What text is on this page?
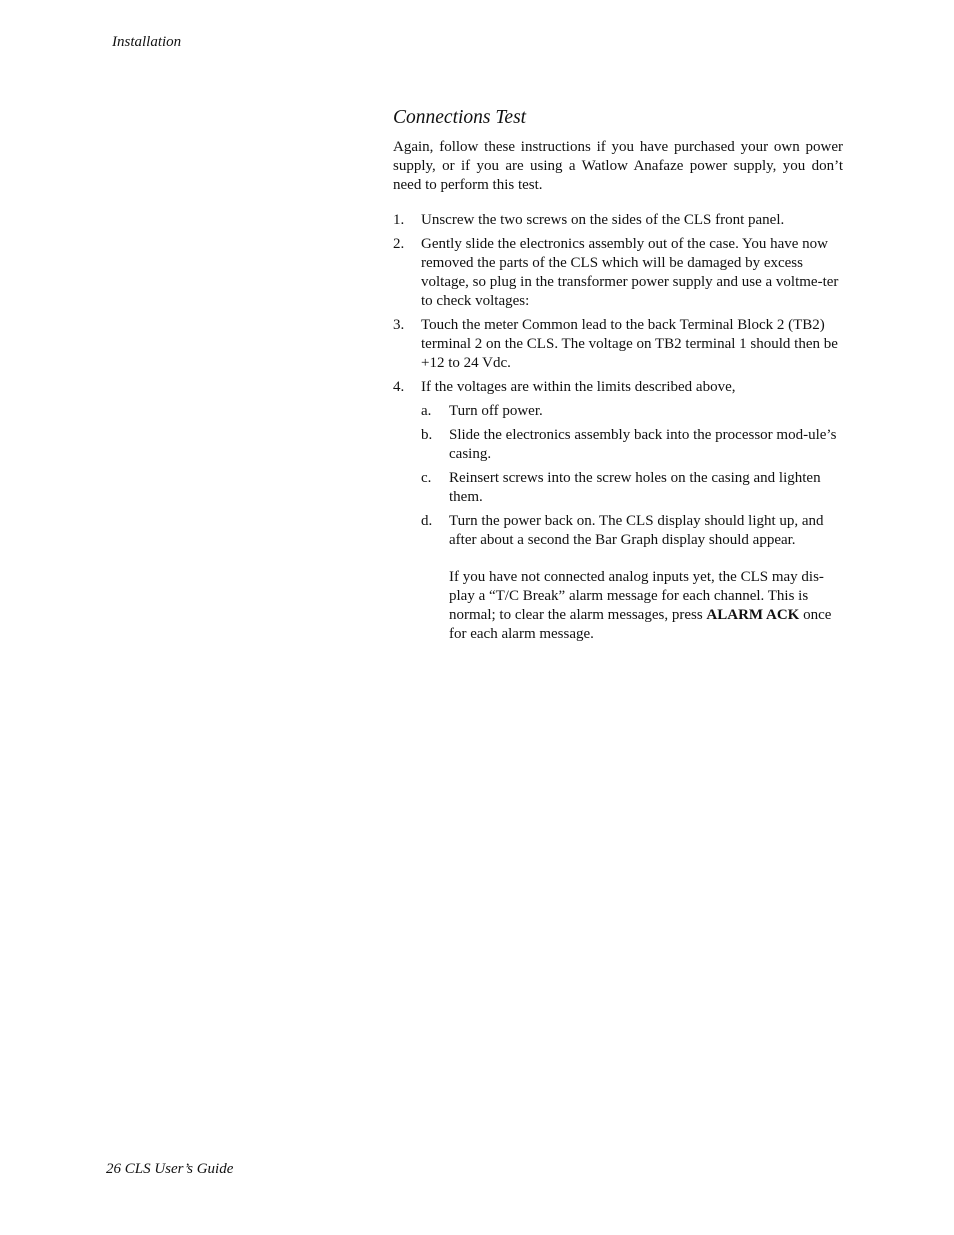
Installation
Connections Test

Again, follow these instructions if you have purchased your own power supply, or if you are using a Watlow Anafaze power supply, you don’t need to perform this test.

1.	Unscrew the two screws on the sides of the CLS front panel.
2.	Gently slide the electronics assembly out of the case. You have now removed the parts of the CLS which will be damaged by excess voltage, so plug in the transformer power supply and use a voltme-ter to check voltages:
3.	Touch the meter Common lead to the back Terminal Block 2 (TB2) terminal 2 on the CLS. The voltage on TB2 terminal 1 should then be +12 to 24 Vdc.
4.	If the voltages are within the limits described above,
a.	Turn off power.
b.	Slide the electronics assembly back into the processor mod-ule’s casing.
c.	Reinsert screws into the screw holes on the casing and lighten them.
d.	Turn the power back on. The CLS display should light up, and after about a second the Bar Graph display should appear.
If you have not connected analog inputs yet, the CLS may dis-play a “T/C Break” alarm message for each channel. This is normal; to clear the alarm messages, press ALARM ACK once for each alarm message.
26 CLS User’s Guide
